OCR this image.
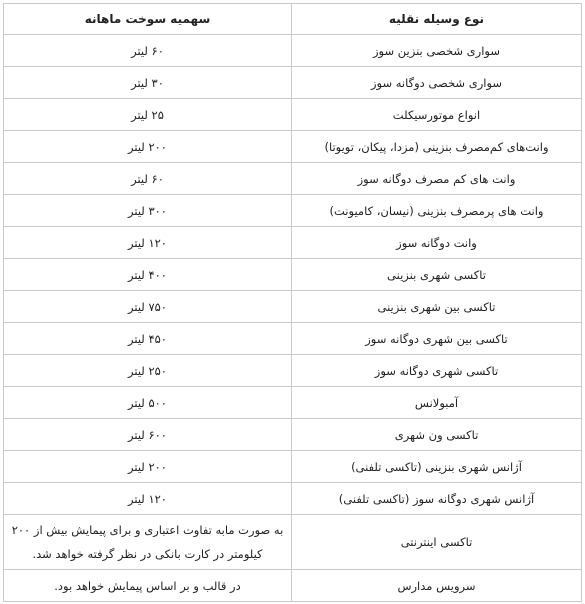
نوع وسیله نقلیه	سهمیه سوخت ماهانه
سواری شخصی بنزین سوز	۶۰ لیتر
سواری شخصی دوگانه سوز	۳۰ لیتر
انواع موتورسیکلت	۲۵ لیتر
وانت‌های کم‌مصرف بنزینی (مزدا، پیکان، تویوتا)	۲۰۰ لیتر
وانت های کم مصرف دوگانه سوز	۶۰ لیتر
وانت های پرمصرف بنزینی (نیسان، کامیونت)	۳۰۰ لیتر
وانت دوگانه سوز	۱۲۰ لیتر
تاکسی شهری بنزینی	۴۰۰ لیتر
تاکسی بین شهری بنزینی	۷۵۰ لیتر
تاکسی بین شهری دوگانه سوز	۴۵۰ لیتر
تاکسی شهری دوگانه سوز	۲۵۰ لیتر
آمبولانس	۵۰۰ لیتر
تاکسی ون شهری	۶۰۰ لیتر
آژانس شهری بنزینی (تاکسی تلفنی)	۲۰۰ لیتر
آژانس شهری دوگانه سوز (تاکسی تلفنی)	۱۲۰ لیتر
تاکسی اینترنتی	به صورت مابه تفاوت اعتباری و برای پیمایش بیش از ۲۰۰ کیلومتر در کارت بانکی در نظر گرفته خواهد شد.
سرویس مدارس	در قالب و بر اساس پیمایش خواهد بود.
